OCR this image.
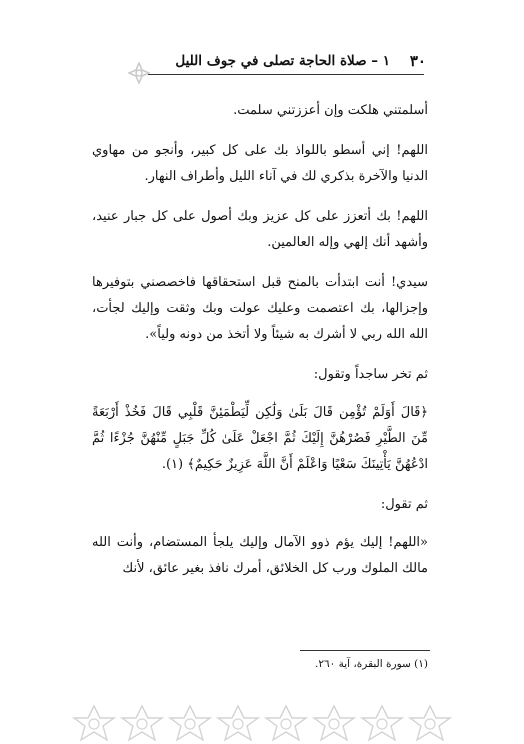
٣٠
١ – صلاة الحاجة تصلى في جوف الليل

أسلمتني هلكت وإن أعززتني سلمت.

اللهم! إني أسطو باللواذ بك على كل كبير، وأنجو من مهاوي الدنيا والآخرة بذكري لك في آناء الليل وأطراف النهار.

اللهم! بك أتعزز على كل عزيز وبك أصول على كل جبار عنيد، وأشهد أنك إلهي وإله العالمين.

سيدي! أنت ابتدأت بالمنح قبل استحقاقها فاخصصني بتوفيرها وإجزالها، بك اعتصمت وعليك عولت وبك وثقت وإليك لجأت، الله الله ربي لا أشرك به شيئاً ولا أتخذ من دونه ولياً».

ثم تخر ساجداً وتقول:

﴿قَالَ أَوَلَمْ تُؤْمِن قَالَ بَلَىٰ وَلَٰكِن لِّيَطْمَئِنَّ قَلْبِي قَالَ فَخُذْ أَرْبَعَةً مِّنَ الطَّيْرِ فَصُرْهُنَّ إِلَيْكَ ثُمَّ اجْعَلْ عَلَىٰ كُلِّ جَبَلٍ مِّنْهُنَّ جُزْءًا ثُمَّ ادْعُهُنَّ يَأْتِينَكَ سَعْيًا وَاعْلَمْ أَنَّ اللَّهَ عَزِيزٌ حَكِيمٌ﴾ (١).

ثم تقول:

«اللهم! إليك يؤم ذوو الآمال وإليك يلجأ المستضام، وأنت الله مالك الملوك ورب كل الخلائق، أمرك نافذ بغير عائق، لأنك

(١) سورة البقرة، آية ٢٦٠.
